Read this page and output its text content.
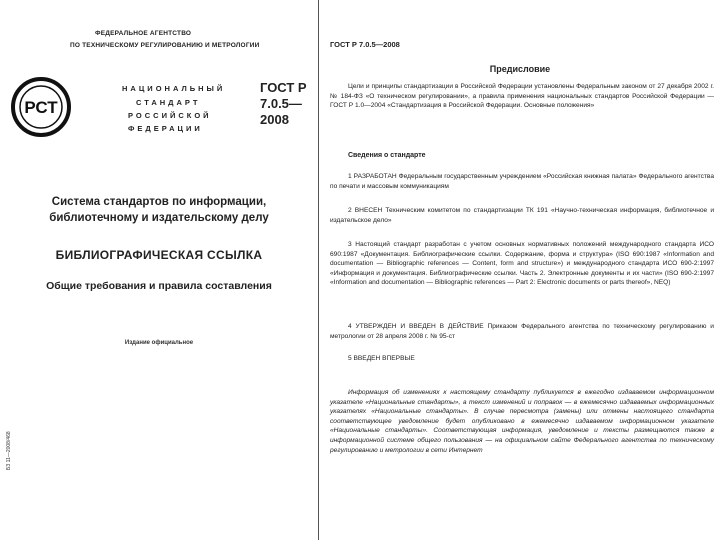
ФЕДЕРАЛЬНОЕ АГЕНТСТВО
ПО ТЕХНИЧЕСКОМУ РЕГУЛИРОВАНИЮ И МЕТРОЛОГИИ
РСТ
НАЦИОНАЛЬНЫЙ
СТАНДАРТ
РОССИЙСКОЙ
ФЕДЕРАЦИИ
ГОСТ Р
7.0.5—
2008
Система стандартов по информации,
библиотечному и издательскому делу
БИБЛИОГРАФИЧЕСКАЯ ССЫЛКА
Общие требования и правила составления
Издание официальное
БЗ 11—2008/468
ГОСТ Р 7.0.5—2008
Предисловие
Цели и принципы стандартизации в Российской Федерации установлены Федеральным законом от 27 декабря 2002 г. № 184-ФЗ «О техническом регулировании», а правила применения национальных стандартов Российской Федерации — ГОСТ Р 1.0—2004 «Стандартизация в Российской Федерации. Основные положения»
Сведения о стандарте
1 РАЗРАБОТАН Федеральным государственным учреждением «Российская книжная палата» Федерального агентства по печати и массовым коммуникациям
2 ВНЕСЕН Техническим комитетом по стандартизации ТК 191 «Научно-техническая информация, библиотечное и издательское дело»
3 Настоящий стандарт разработан с учетом основных нормативных положений международного стандарта ИСО 690:1987 «Документация. Библиографические ссылки. Содержание, форма и структура» (ISO 690:1987 «Information and documentation — Bibliographic references — Content, form and structure») и международного стандарта ИСО 690-2:1997 «Информация и документация. Библиографические ссылки. Часть 2. Электронные документы и их части» (ISO 690-2:1997 «Information and documentation — Bibliographic references — Part 2: Electronic documents or parts thereof», NEQ)
4 УТВЕРЖДЕН И ВВЕДЕН В ДЕЙСТВИЕ Приказом Федерального агентства по техническому регулированию и метрологии от 28 апреля 2008 г. № 95-ст
5 ВВЕДЕН ВПЕРВЫЕ
Информация об изменениях к настоящему стандарту публикуется в ежегодно издаваемом информационном указателе «Национальные стандарты», а текст изменений и поправок — в ежемесячно издаваемых информационных указателях «Национальные стандарты». В случае пересмотра (замены) или отмены настоящего стандарта соответствующее уведомление будет опубликовано в ежемесячно издаваемом информационном указателе «Национальные стандарты». Соответствующая информация, уведомление и тексты размещаются также в информационной системе общего пользования — на официальном сайте Федерального агентства по техническому регулированию и метрологии в сети Интернет
